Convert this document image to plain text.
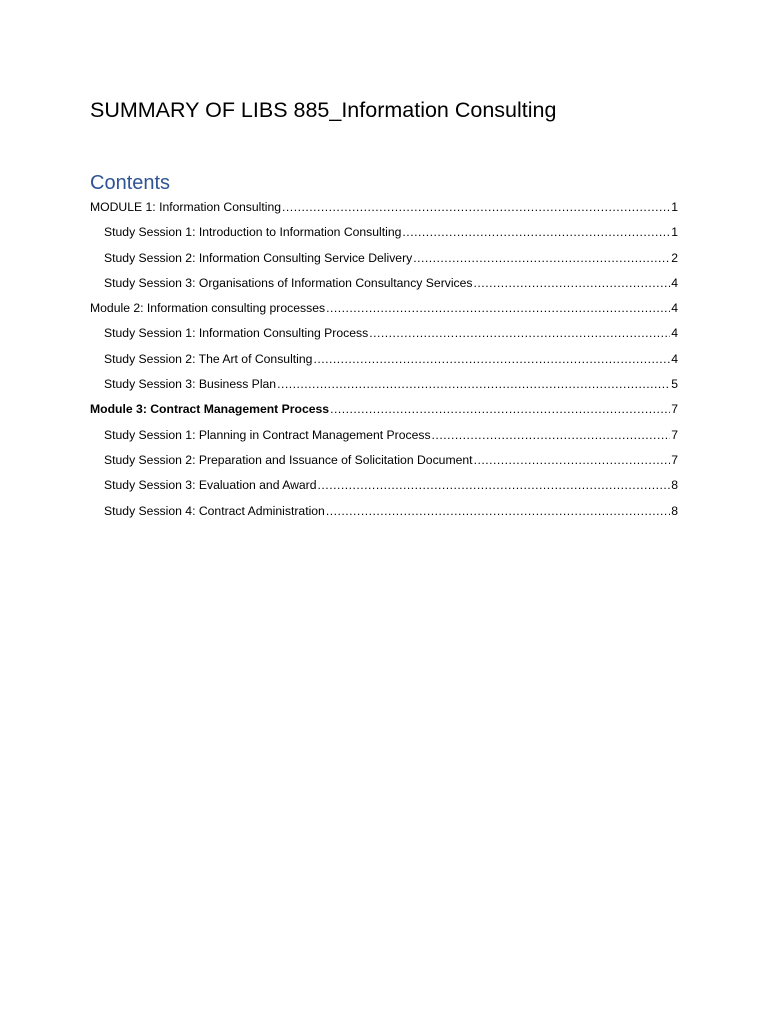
SUMMARY OF LIBS 885_Information Consulting
Contents
MODULE 1: Information Consulting .....	1
Study Session 1: Introduction to Information Consulting .....	1
Study Session 2: Information Consulting Service Delivery .....	2
Study Session 3: Organisations of Information Consultancy Services .....	4
Module 2: Information consulting processes .....	4
Study Session 1: Information Consulting Process .....	4
Study Session 2: The Art of Consulting .....	4
Study Session 3: Business Plan .....	5
Module 3: Contract Management Process .....	7
Study Session 1: Planning in Contract Management Process .....	7
Study Session 2: Preparation and Issuance of Solicitation Document .....	7
Study Session 3: Evaluation and Award .....	8
Study Session 4: Contract Administration .....	8
